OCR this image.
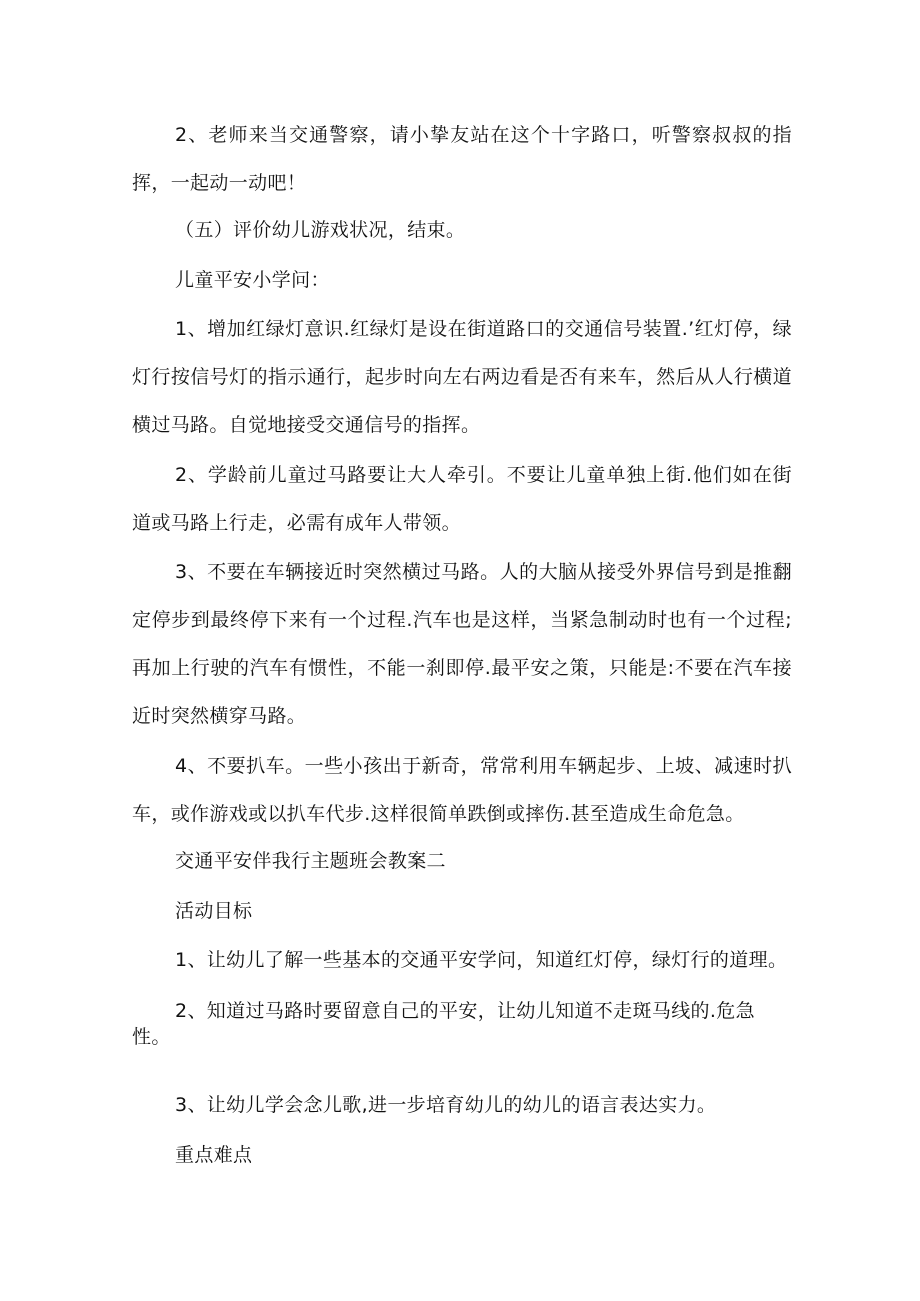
2、老师来当交通警察，请小挚友站在这个十字路口，听警察叔叔的指挥，一起动一动吧！

（五）评价幼儿游戏状况，结束。

儿童平安小学问：

1、增加红绿灯意识.红绿灯是设在街道路口的交通信号装置.’红灯停，绿灯行按信号灯的指示通行，起步时向左右两边看是否有来车，然后从人行横道横过马路。自觉地接受交通信号的指挥。

2、学龄前儿童过马路要让大人牵引。不要让儿童单独上街.他们如在街道或马路上行走，必需有成年人带领。

3、不要在车辆接近时突然横过马路。人的大脑从接受外界信号到是推翻定停步到最终停下来有一个过程.汽车也是这样，当紧急制动时也有一个过程;再加上行驶的汽车有惯性，不能一刹即停.最平安之策，只能是:不要在汽车接近时突然横穿马路。

4、不要扒车。一些小孩出于新奇，常常利用车辆起步、上坡、减速时扒车，或作游戏或以扒车代步.这样很简单跌倒或摔伤.甚至造成生命危急。

交通平安伴我行主题班会教案二

活动目标

1、让幼儿了解一些基本的交通平安学问，知道红灯停，绿灯行的道理。

2、知道过马路时要留意自己的平安，让幼儿知道不走斑马线的.危急性。

3、让幼儿学会念儿歌,进一步培育幼儿的幼儿的语言表达实力。

重点难点
